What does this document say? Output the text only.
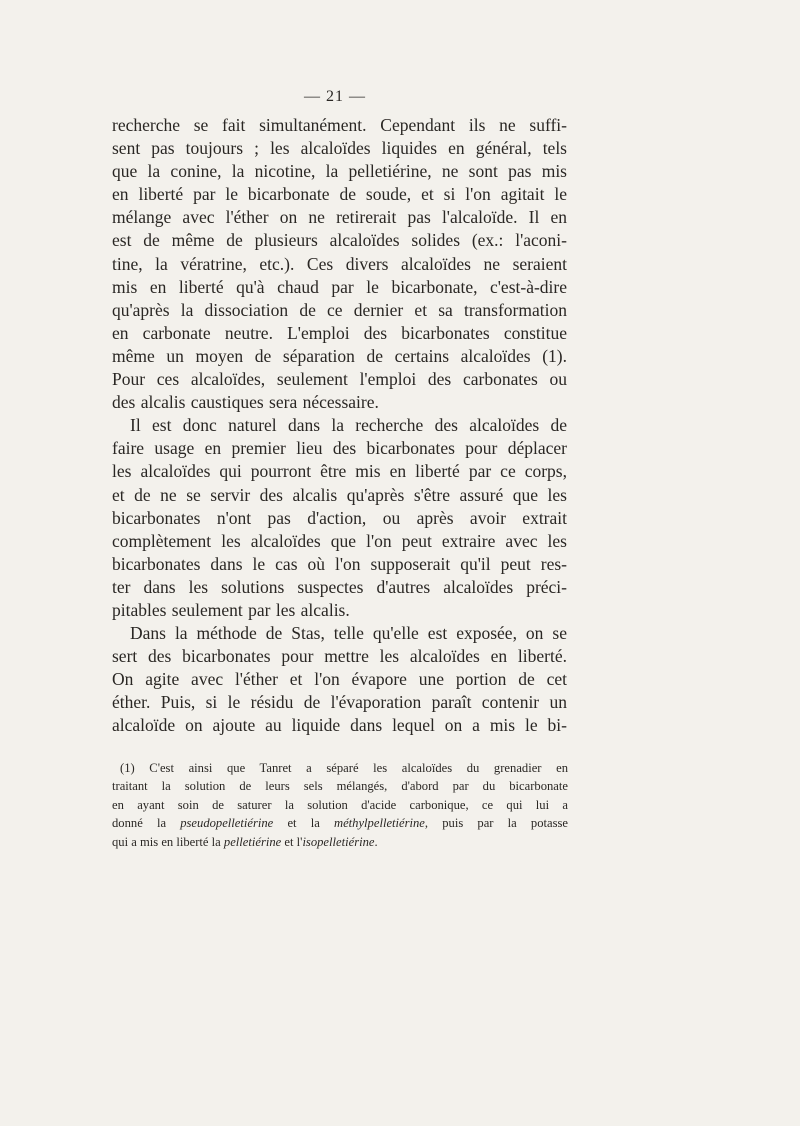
— 21 —
recherche se fait simultanément. Cependant ils ne suffi-
sent pas toujours ; les alcaloïdes liquides en général, tels
que la conine, la nicotine, la pelletiérine, ne sont pas mis
en liberté par le bicarbonate de soude, et si l'on agitait le
mélange avec l'éther on ne retirerait pas l'alcaloïde. Il en
est de même de plusieurs alcaloïdes solides (ex.: l'aconi-
tine, la vératrine, etc.). Ces divers alcaloïdes ne seraient
mis en liberté qu'à chaud par le bicarbonate, c'est-à-dire
qu'après la dissociation de ce dernier et sa transformation
en carbonate neutre. L'emploi des bicarbonates constitue
même un moyen de séparation de certains alcaloïdes (1).
Pour ces alcaloïdes, seulement l'emploi des carbonates ou
des alcalis caustiques sera nécessaire.
Il est donc naturel dans la recherche des alcaloïdes de
faire usage en premier lieu des bicarbonates pour déplacer
les alcaloïdes qui pourront être mis en liberté par ce corps,
et de ne se servir des alcalis qu'après s'être assuré que les
bicarbonates n'ont pas d'action, ou après avoir extrait
complètement les alcaloïdes que l'on peut extraire avec les
bicarbonates dans le cas où l'on supposerait qu'il peut res-
ter dans les solutions suspectes d'autres alcaloïdes préci-
pitables seulement par les alcalis.
Dans la méthode de Stas, telle qu'elle est exposée, on se
sert des bicarbonates pour mettre les alcaloïdes en liberté.
On agite avec l'éther et l'on évapore une portion de cet
éther. Puis, si le résidu de l'évaporation paraît contenir un
alcaloïde on ajoute au liquide dans lequel on a mis le bi-
(1) C'est ainsi que Tanret a séparé les alcaloïdes du grenadier en
traitant la solution de leurs sels mélangés, d'abord par du bicarbonate
en ayant soin de saturer la solution d'acide carbonique, ce qui lui a
donné la pseudopelletiérine et la méthylpelletiérine, puis par la potasse
qui a mis en liberté la pelletiérine et l'isopelletiérine.
